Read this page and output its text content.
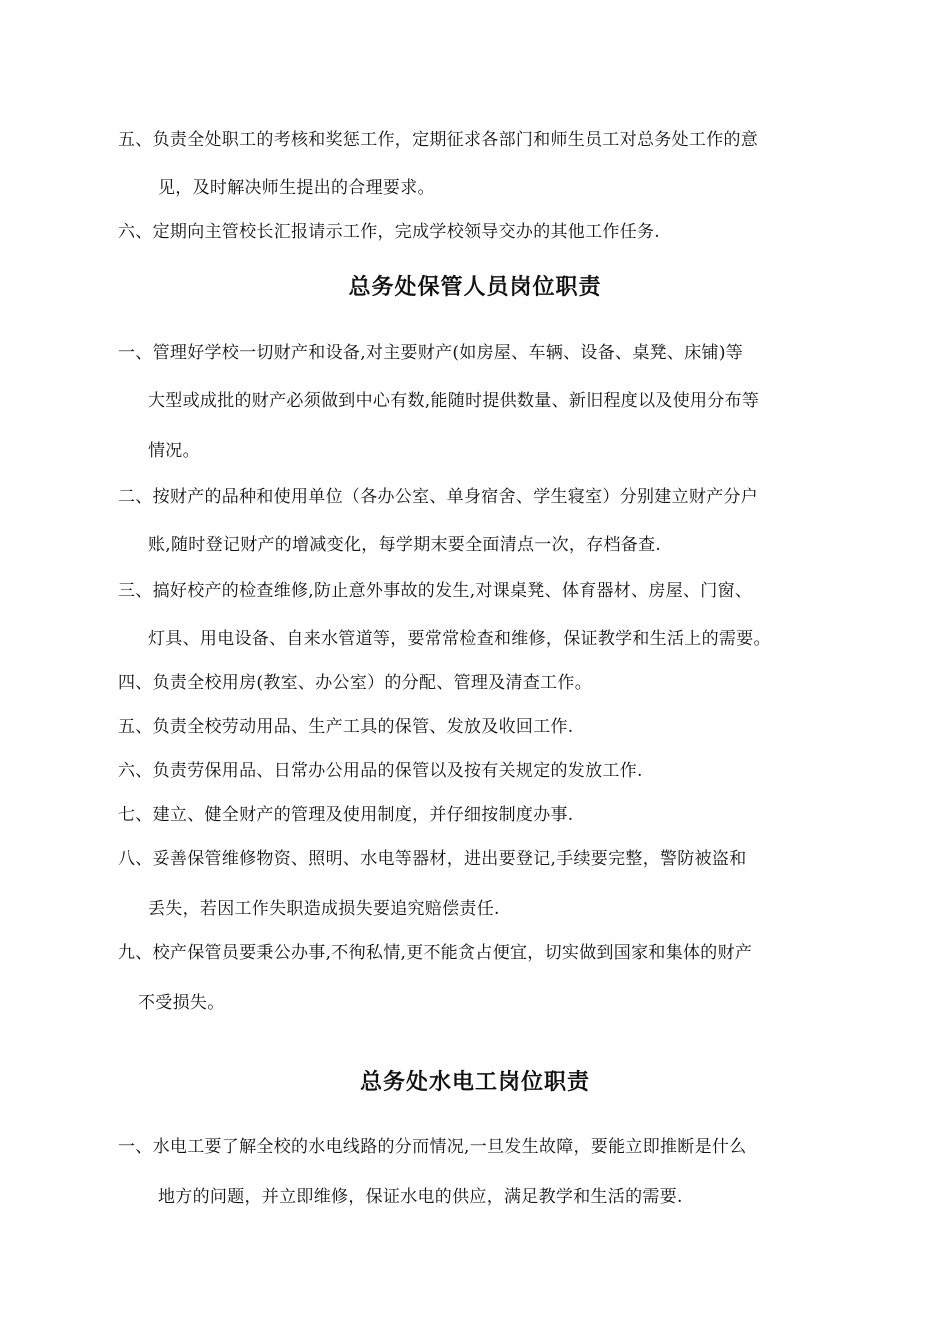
五、负责全处职工的考核和奖惩工作，定期征求各部门和师生员工对总务处工作的意
见，及时解决师生提出的合理要求。
六、定期向主管校长汇报请示工作，完成学校领导交办的其他工作任务.
总务处保管人员岗位职责
一、管理好学校一切财产和设备,对主要财产(如房屋、车辆、设备、桌凳、床铺)等
大型或成批的财产必须做到中心有数,能随时提供数量、新旧程度以及使用分布等
情况。
二、按财产的品种和使用单位（各办公室、单身宿舍、学生寝室）分别建立财产分户
账,随时登记财产的增减变化，每学期末要全面清点一次，存档备查.
三、搞好校产的检查维修,防止意外事故的发生,对课桌凳、体育器材、房屋、门窗、
灯具、用电设备、自来水管道等，要常常检查和维修，保证教学和生活上的需要。
四、负责全校用房(教室、办公室）的分配、管理及清查工作。
五、负责全校劳动用品、生产工具的保管、发放及收回工作.
六、负责劳保用品、日常办公用品的保管以及按有关规定的发放工作.
七、建立、健全财产的管理及使用制度，并仔细按制度办事.
八、妥善保管维修物资、照明、水电等器材，进出要登记,手续要完整，警防被盗和
丢失，若因工作失职造成损失要追究赔偿责任.
九、校产保管员要秉公办事,不徇私情,更不能贪占便宜，切实做到国家和集体的财产
不受损失。
总务处水电工岗位职责
一、水电工要了解全校的水电线路的分而情况,一旦发生故障，要能立即推断是什么
地方的问题，并立即维修，保证水电的供应，满足教学和生活的需要.
